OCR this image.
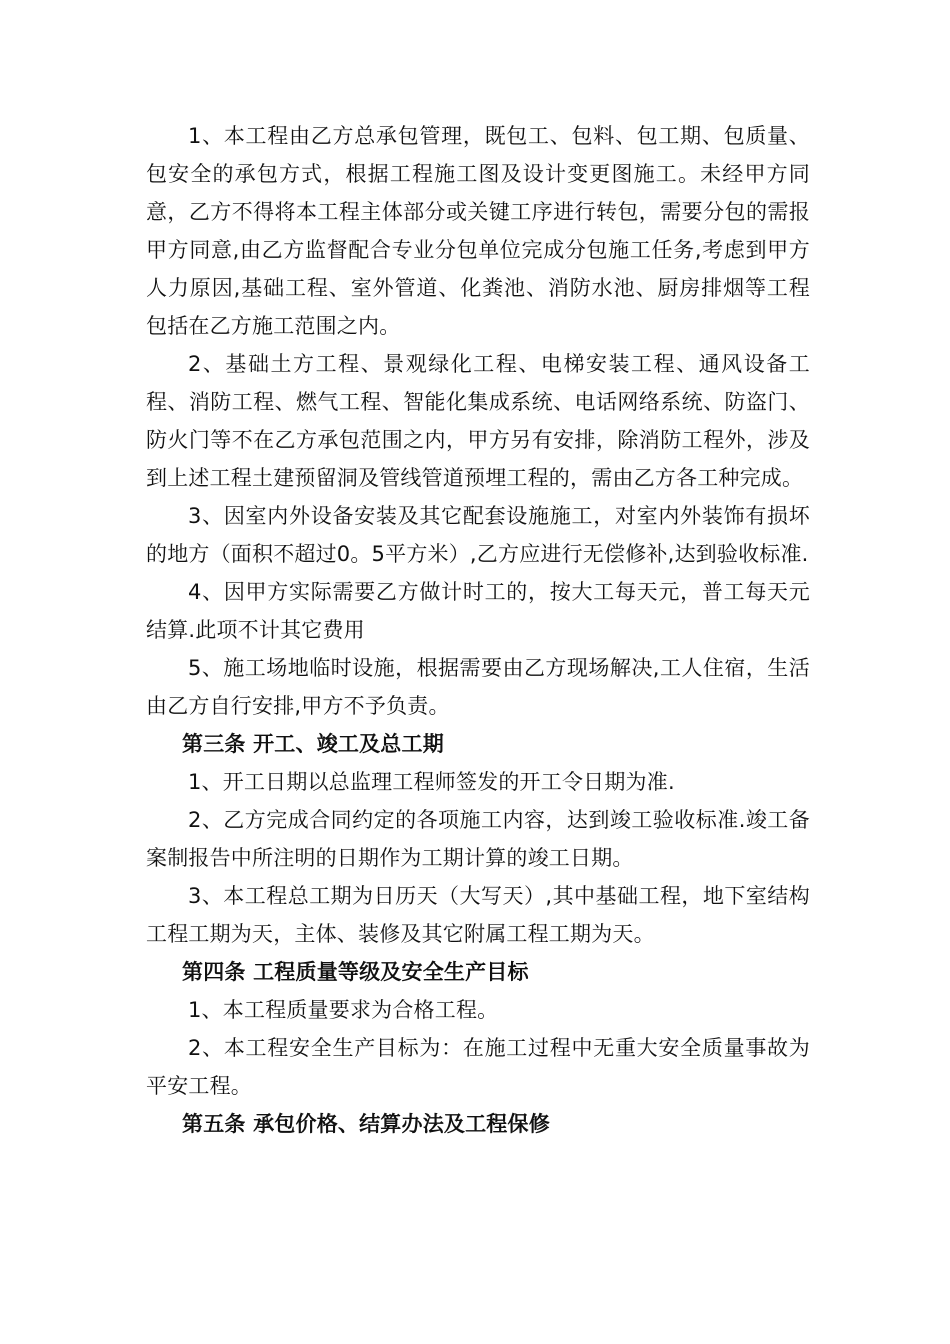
1、本工程由乙方总承包管理，既包工、包料、包工期、包质量、包安全的承包方式，根据工程施工图及设计变更图施工。未经甲方同意，乙方不得将本工程主体部分或关键工序进行转包，需要分包的需报甲方同意,由乙方监督配合专业分包单位完成分包施工任务,考虑到甲方人力原因,基础工程、室外管道、化粪池、消防水池、厨房排烟等工程包括在乙方施工范围之内。

2、基础土方工程、景观绿化工程、电梯安装工程、通风设备工程、消防工程、燃气工程、智能化集成系统、电话网络系统、防盗门、防火门等不在乙方承包范围之内，甲方另有安排，除消防工程外，涉及到上述工程土建预留洞及管线管道预埋工程的，需由乙方各工种完成。

3、因室内外设备安装及其它配套设施施工，对室内外装饰有损坏的地方（面积不超过0。5平方米）,乙方应进行无偿修补,达到验收标准.

4、因甲方实际需要乙方做计时工的，按大工每天元，普工每天元结算.此项不计其它费用

5、施工场地临时设施，根据需要由乙方现场解决,工人住宿，生活由乙方自行安排,甲方不予负责。

第三条 开工、竣工及总工期

1、开工日期以总监理工程师签发的开工令日期为准.

2、乙方完成合同约定的各项施工内容，达到竣工验收标准.竣工备案制报告中所注明的日期作为工期计算的竣工日期。

3、本工程总工期为日历天（大写天）,其中基础工程，地下室结构工程工期为天，主体、装修及其它附属工程工期为天。

第四条 工程质量等级及安全生产目标

1、本工程质量要求为合格工程。

2、本工程安全生产目标为：在施工过程中无重大安全质量事故为平安工程。

第五条 承包价格、结算办法及工程保修
